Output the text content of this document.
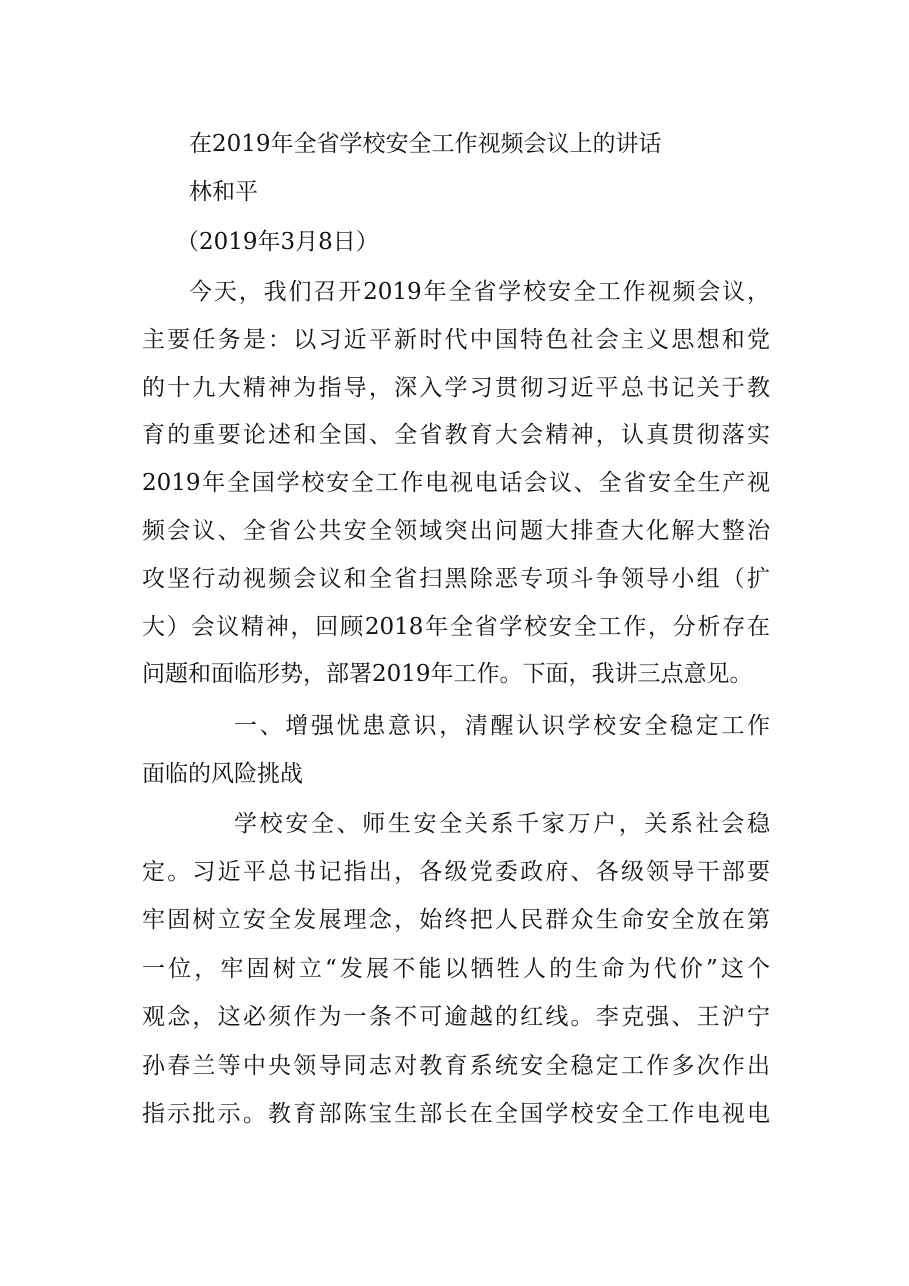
在2019年全省学校安全工作视频会议上的讲话
林和平
（2019年3月8日）
今天，我们召开2019年全省学校安全工作视频会议，
主要任务是：以习近平新时代中国特色社会主义思想和党
的十九大精神为指导，深入学习贯彻习近平总书记关于教
育的重要论述和全国、全省教育大会精神，认真贯彻落实
2019年全国学校安全工作电视电话会议、全省安全生产视
频会议、全省公共安全领域突出问题大排查大化解大整治
攻坚行动视频会议和全省扫黑除恶专项斗争领导小组（扩
大）会议精神，回顾2018年全省学校安全工作，分析存在
问题和面临形势，部署2019年工作。下面，我讲三点意见。
一、增强忧患意识，清醒认识学校安全稳定工作
面临的风险挑战
学校安全、师生安全关系千家万户，关系社会稳
定。习近平总书记指出，各级党委政府、各级领导干部要
牢固树立安全发展理念，始终把人民群众生命安全放在第
一位，牢固树立“发展不能以牺牲人的生命为代价”这个
观念，这必须作为一条不可逾越的红线。李克强、王沪宁
孙春兰等中央领导同志对教育系统安全稳定工作多次作出
指示批示。教育部陈宝生部长在全国学校安全工作电视电
